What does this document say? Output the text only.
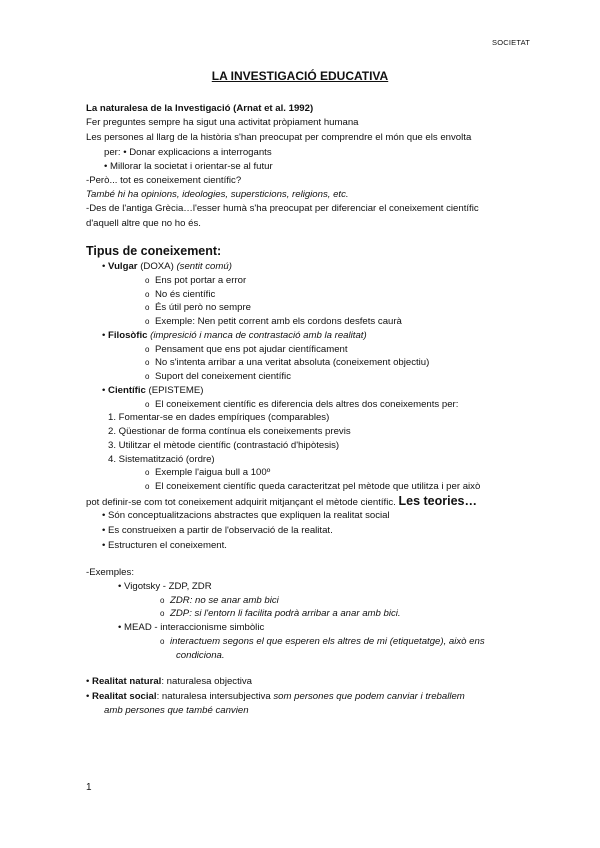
SOCIETAT
LA INVESTIGACIÓ EDUCATIVA
La naturalesa de la Investigació (Arnat et al. 1992)
Fer preguntes sempre ha sigut una activitat pròpiament humana
Les persones al llarg de la història s'han preocupat per comprendre el món que els envolta
per: • Donar explicacions a interrogants
• Millorar la societat i orientar-se al futur
-Però... tot es coneixement científic?
També hi ha opinions, ideologies, supersticions, religions, etc.
-Des de l'antiga Grècia…l'esser humà s'ha preocupat per diferenciar el coneixement científic
d'aquell altre que no ho és.
Tipus de coneixement:
• Vulgar (DOXA) (sentit comú)
o Ens pot portar a error
o No és científic
o És útil però no sempre
o Exemple: Nen petit corrent amb els cordons desfets caurà
• Filosòfic (impresició i manca de contrastació amb la realitat)
o Pensament que ens pot ajudar científicament
o No s'intenta arribar a una veritat absoluta (coneixement objectiu)
o Suport del coneixement científic
• Científic (EPISTEME)
o El coneixement científic es diferencia dels altres dos coneixements per:
1. Fomentar-se en dades empíriques (comparables)
2. Qüestionar de forma contínua els coneixements previs
3. Utilitzar el mètode científic (contrastació d'hipòtesis)
4. Sistematització (ordre)
o Exemple l'aigua bull a 100º
o El coneixement científic queda caracteritzat pel mètode que utilitza i per això
pot definir-se com tot coneixement adquirit mitjançant el mètode científic. Les teories…
• Són conceptualitzacions abstractes que expliquen la realitat social
• Es construeixen a partir de l'observació de la realitat.
• Estructuren el coneixement.
-Exemples:
• Vigotsky - ZDP, ZDR
o ZDR: no se anar amb bici
o ZDP: si l'entorn li facilita podrà arribar a anar amb bici.
• MEAD - interaccionisme simbòlic
o interactuem segons el que esperen els altres de mi (etiquetatge), això ens
condiciona.
• Realitat natural: naturalesa objectiva
• Realitat social: naturalesa intersubjectiva som persones que podem canviar i treballem
amb persones que també canvien
1
